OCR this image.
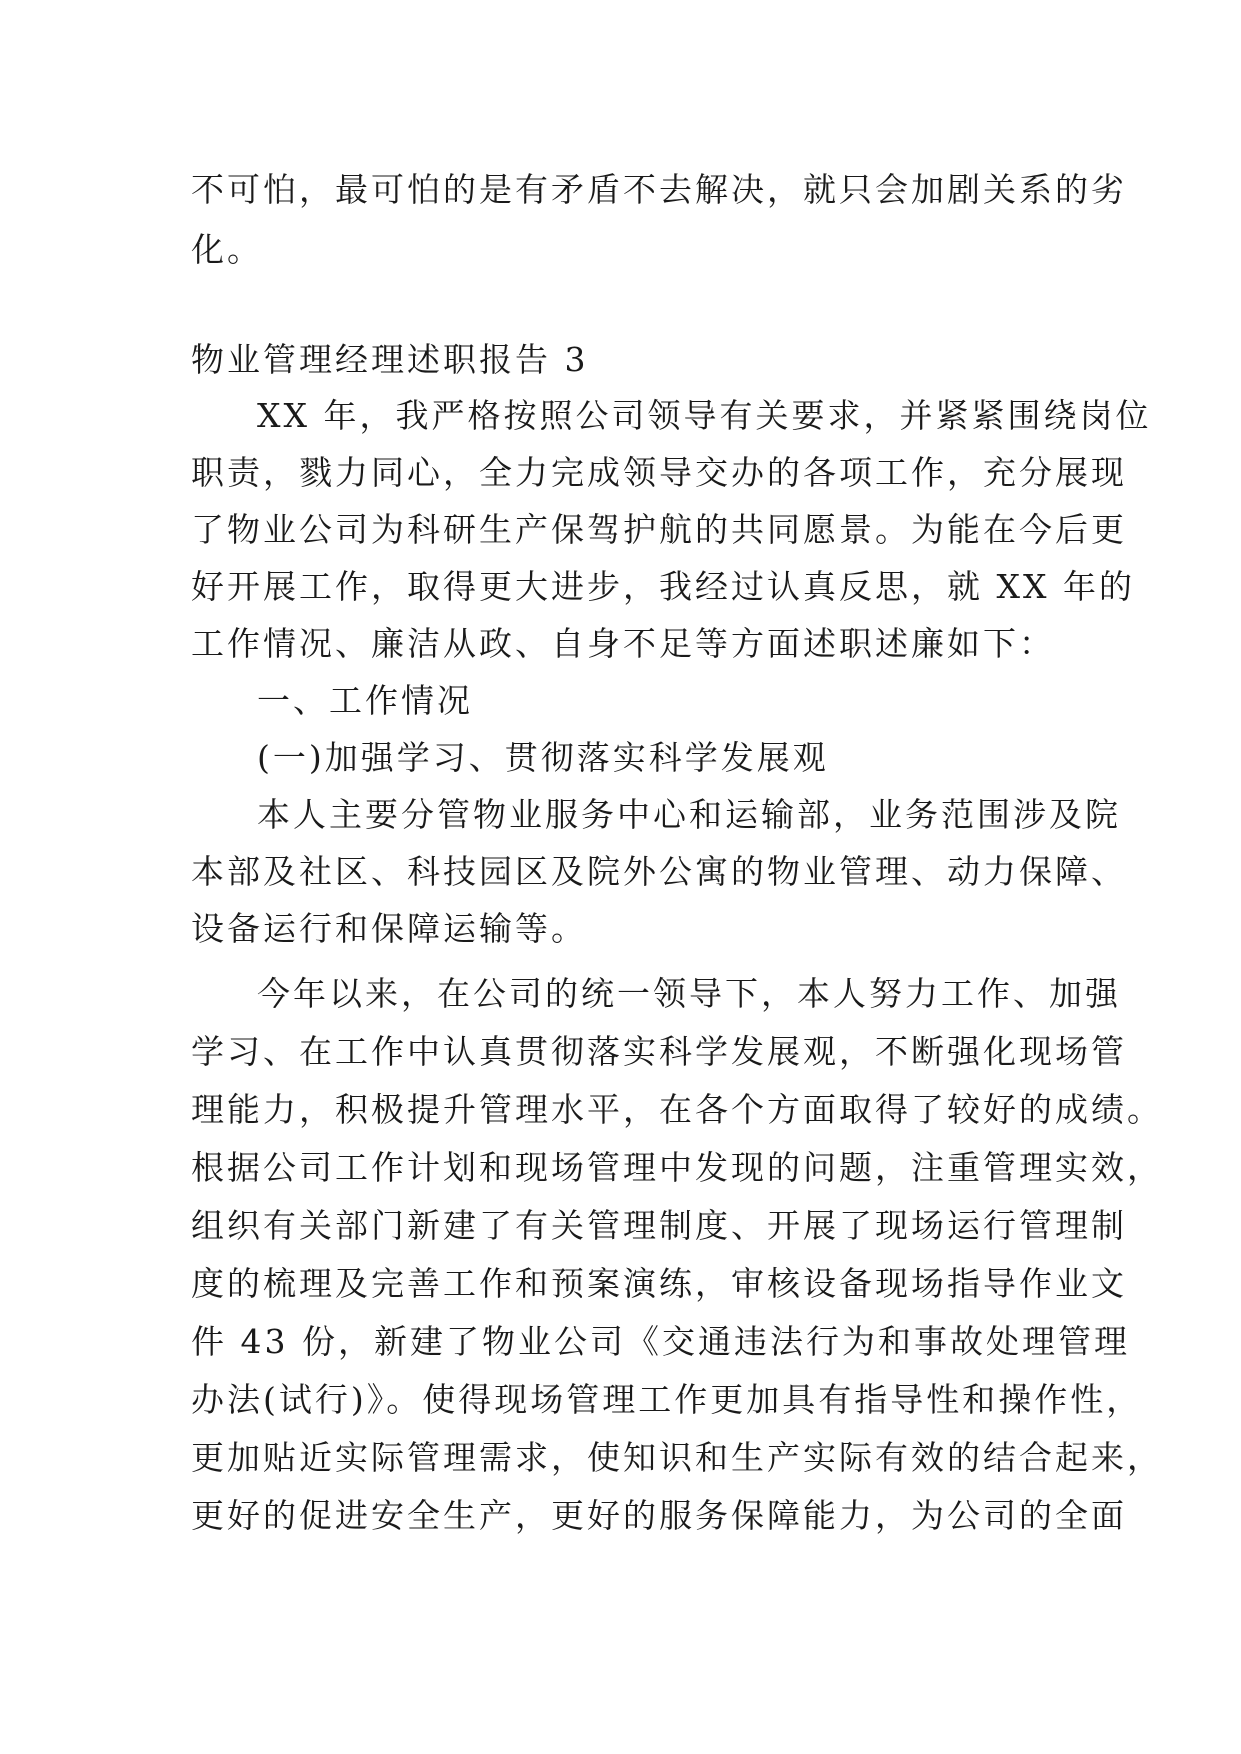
不可怕，最可怕的是有矛盾不去解决，就只会加剧关系的劣
化。
物业管理经理述职报告 3
XX 年，我严格按照公司领导有关要求，并紧紧围绕岗位
职责，戮力同心，全力完成领导交办的各项工作，充分展现
了物业公司为科研生产保驾护航的共同愿景。为能在今后更
好开展工作，取得更大进步，我经过认真反思，就 XX 年的
工作情况、廉洁从政、自身不足等方面述职述廉如下：
一、工作情况
(一)加强学习、贯彻落实科学发展观
本人主要分管物业服务中心和运输部，业务范围涉及院
本部及社区、科技园区及院外公寓的物业管理、动力保障、
设备运行和保障运输等。
今年以来，在公司的统一领导下，本人努力工作、加强
学习、在工作中认真贯彻落实科学发展观，不断强化现场管
理能力，积极提升管理水平，在各个方面取得了较好的成绩。
根据公司工作计划和现场管理中发现的问题，注重管理实效，
组织有关部门新建了有关管理制度、开展了现场运行管理制
度的梳理及完善工作和预案演练，审核设备现场指导作业文
件 43 份，新建了物业公司《交通违法行为和事故处理管理
办法(试行)》。使得现场管理工作更加具有指导性和操作性，
更加贴近实际管理需求，使知识和生产实际有效的结合起来，
更好的促进安全生产，更好的服务保障能力，为公司的全面
